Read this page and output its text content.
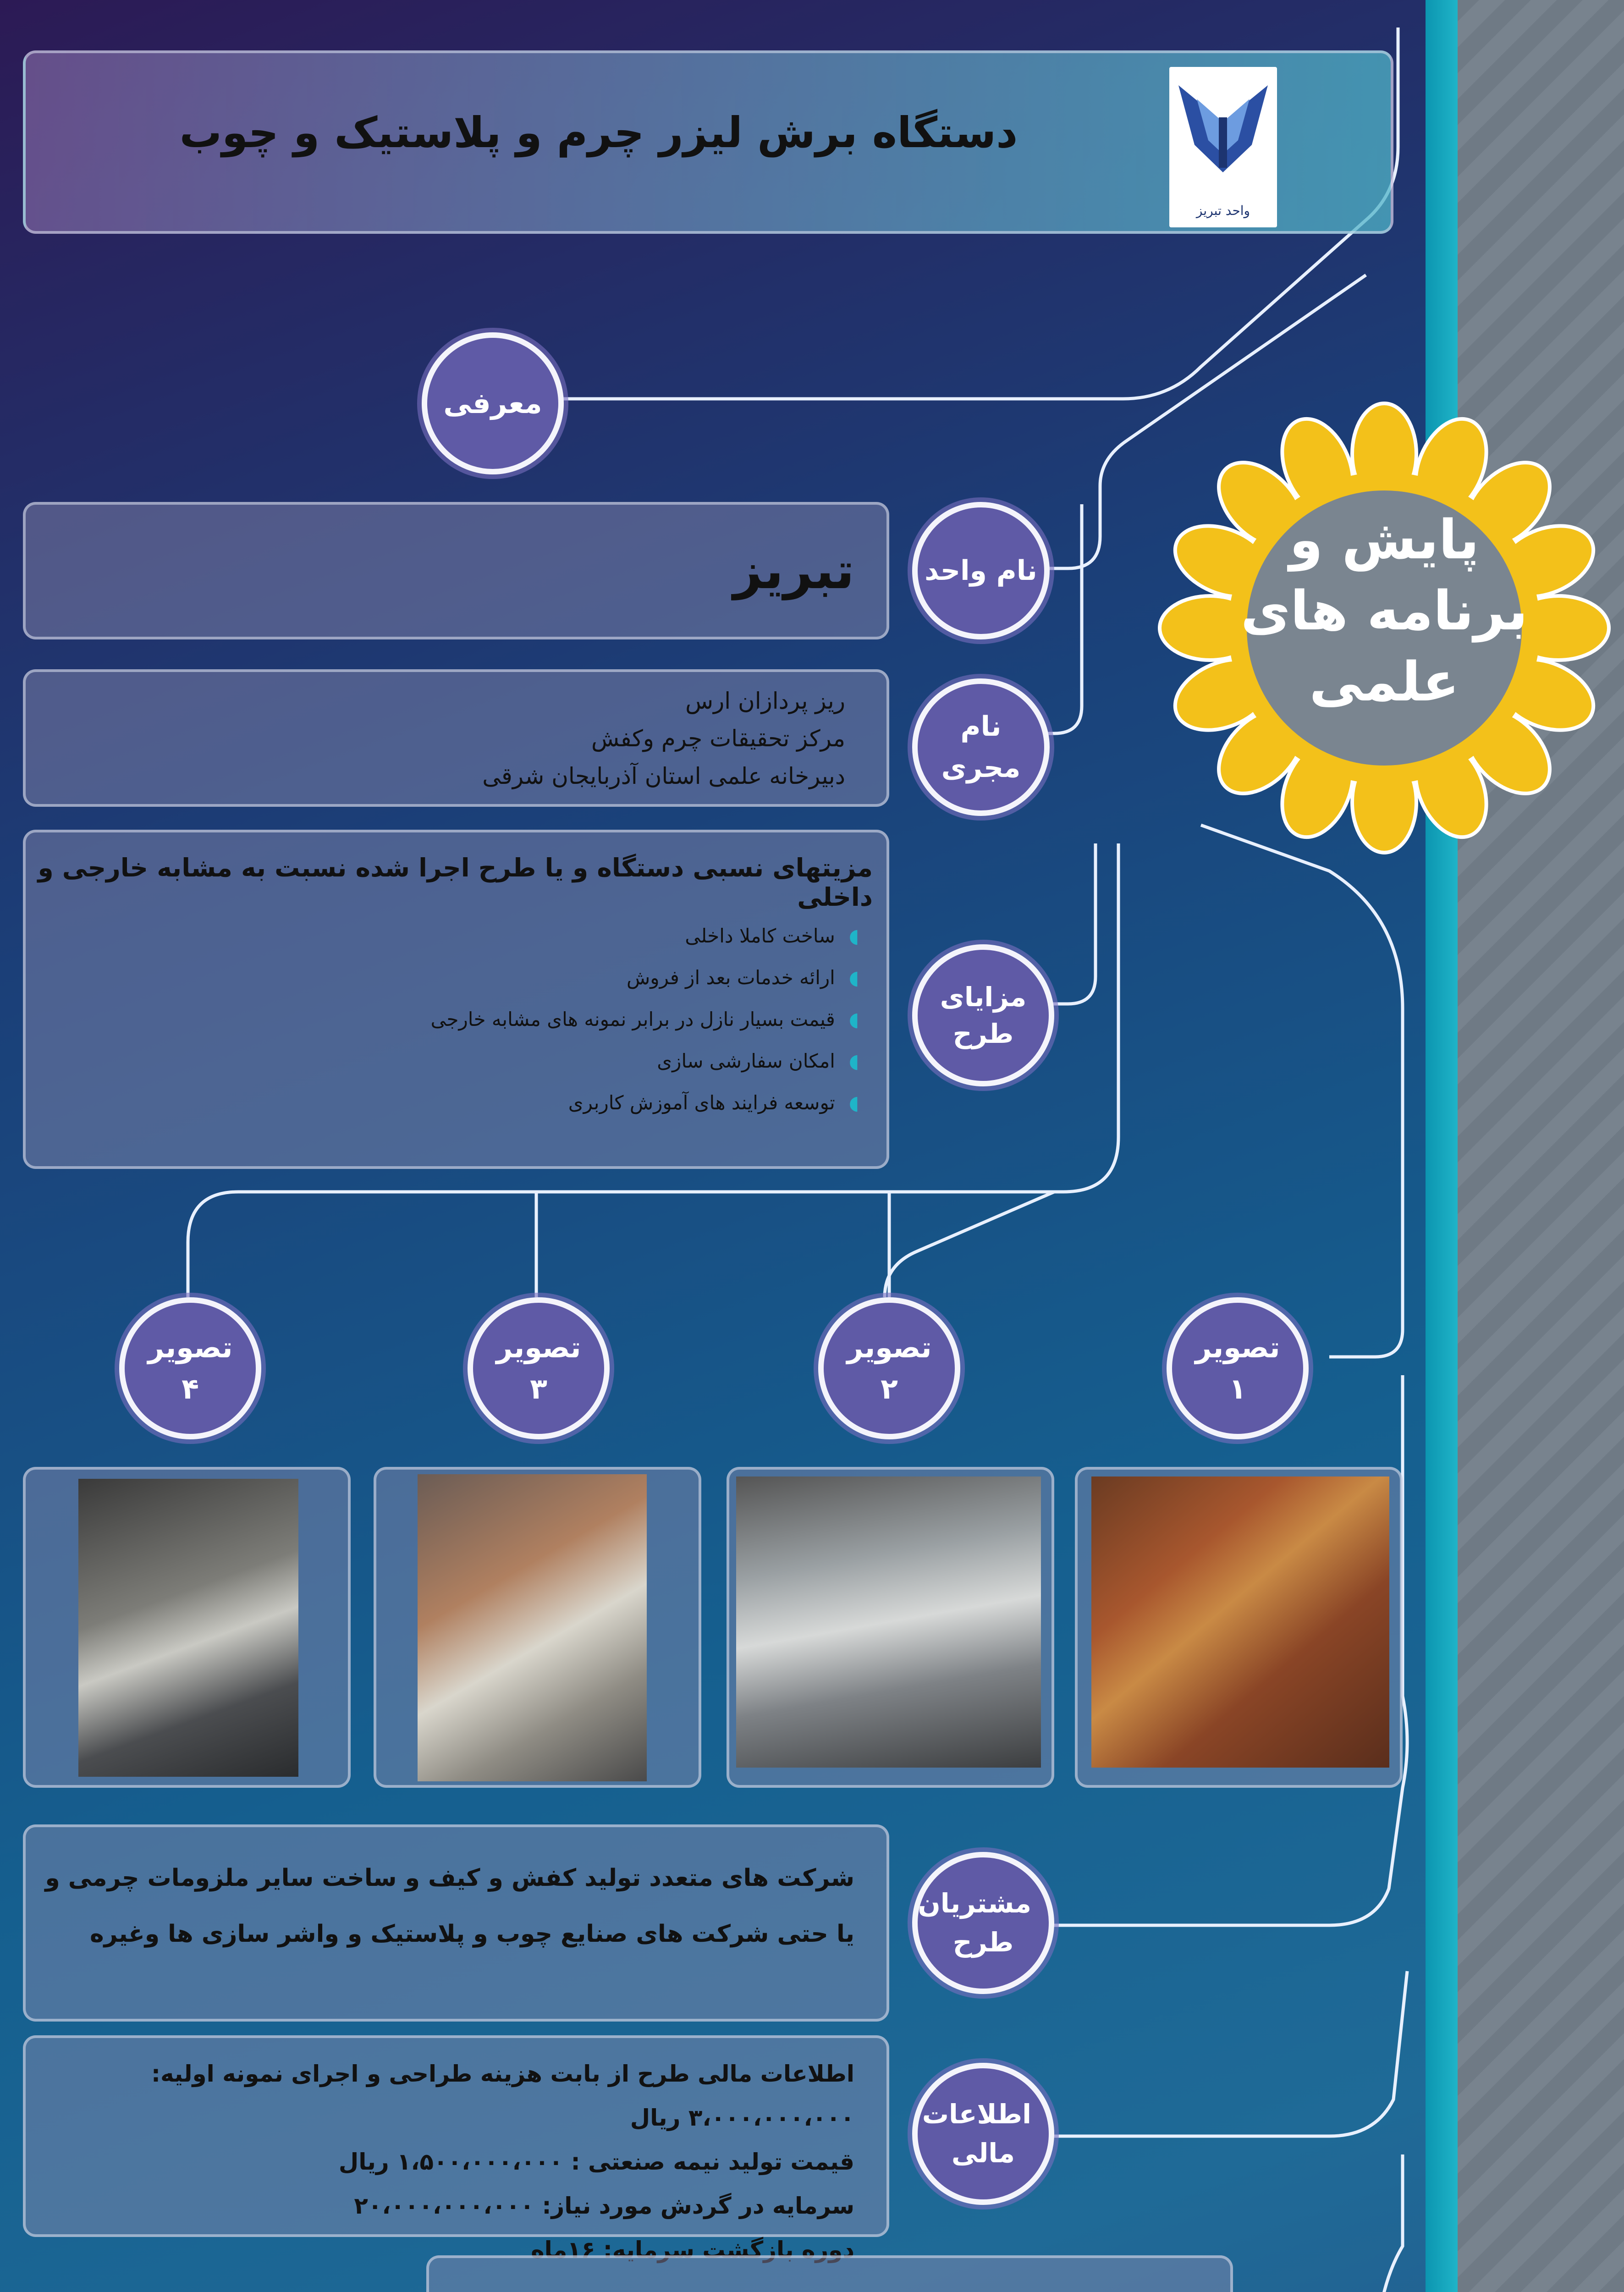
دستگاه برش لیزر چرم و پلاستیک و چوب
واحد تبریز
پایش و
برنامه های
علمی
معرفی
تبریز	نام واحد
ریز پردازان ارس
مرکز تحقیقات چرم وکفش
دبیرخانه علمی استان آذربایجان شرقی
نام مجری
مزیتهای نسبی دستگاه و یا طرح اجرا شده نسبت به مشابه خارجی و داخلی
◖ساخت کاملا داخلی
◖ارائه خدمات بعد از فروش
◖قیمت بسیار نازل در برابر نمونه های مشابه خارجی
◖امکان سفارشی سازی
◖توسعه فرایند های آموزش کاربری
مزایای طرح
تصویر
۴
تصویر
۳
تصویر
۲
تصویر
۱
شرکت های متعدد تولید کفش و کیف و ساخت سایر ملزومات چرمی و یا حتی شرکت های صنایع چوب و پلاستیک و واشر سازی ها وغیره
مشتریان طرح
اطلاعات مالی طرح از بابت هزینه طراحی و اجرای نمونه اولیه: ۳،۰۰۰،۰۰۰،۰۰۰ ریال
قیمت تولید نیمه صنعتی : ۱،۵۰۰،۰۰۰،۰۰۰ ریال
سرمایه در گردش مورد نیاز: ۲۰،۰۰۰،۰۰۰،۰۰۰
دوره بازگشت سرمایه: ۱۶ماه
اطلاعات مالی
